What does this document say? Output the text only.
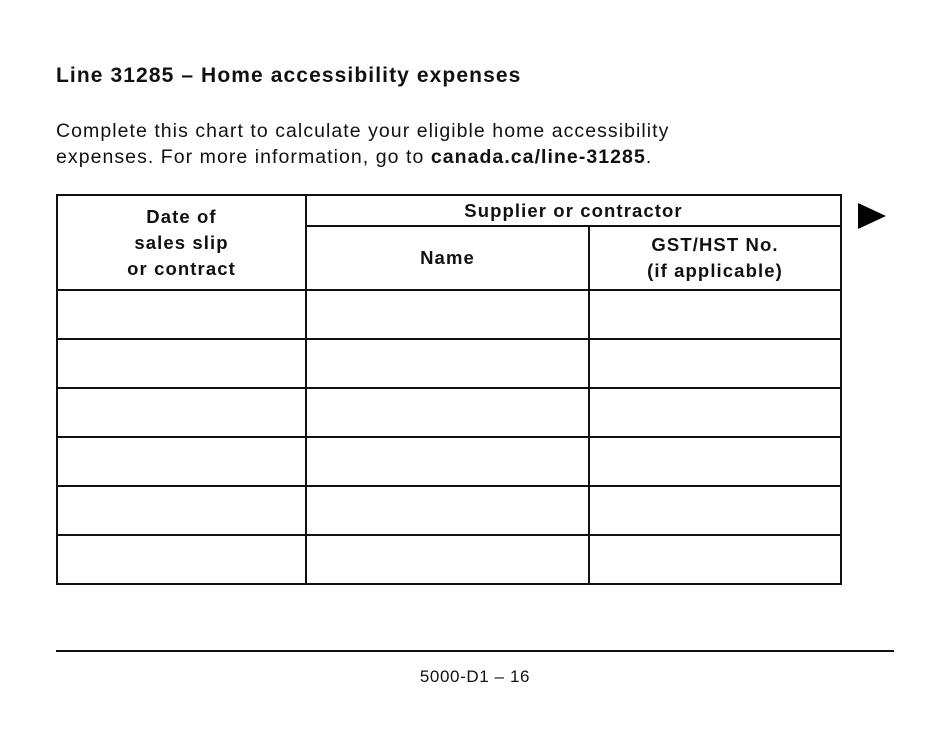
Line 31285 – Home accessibility expenses
Complete this chart to calculate your eligible home accessibility
expenses. For more information, go to canada.ca/line-31285.
Date of
sales slip
or contract	Supplier or contractor	
	Name	GST/HST No.
(if applicable)

5000-D1 – 16
